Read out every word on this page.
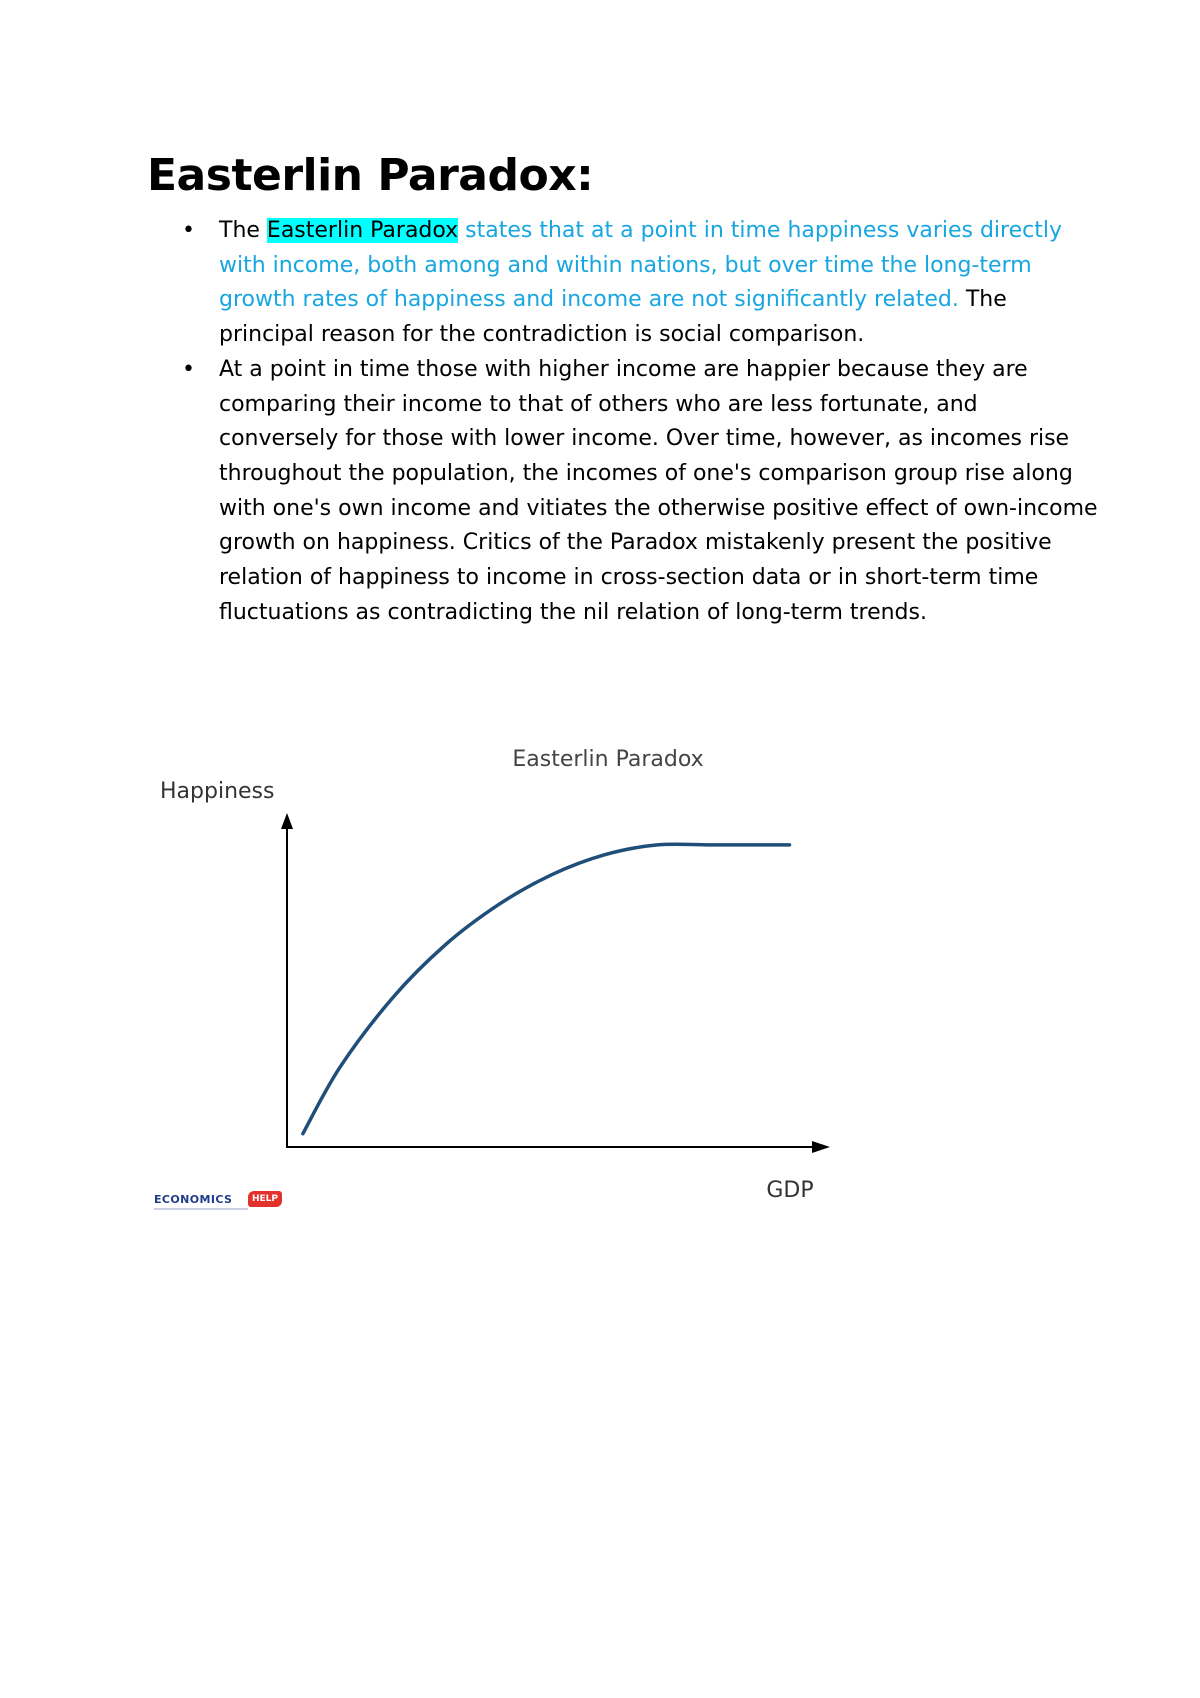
Easterlin Paradox:
• The Easterlin Paradox states that at a point in time happiness varies directly with income, both among and within nations, but over time the long-term growth rates of happiness and income are not significantly related. The principal reason for the contradiction is social comparison.
• At a point in time those with higher income are happier because they are comparing their income to that of others who are less fortunate, and conversely for those with lower income. Over time, however, as incomes rise throughout the population, the incomes of one's comparison group rise along with one's own income and vitiates the otherwise positive effect of own-income growth on happiness. Critics of the Paradox mistakenly present the positive relation of happiness to income in cross-section data or in short-term time fluctuations as contradicting the nil relation of long-term trends.
Easterlin Paradox
Happiness
GDP
ECONOMICS	HELP
